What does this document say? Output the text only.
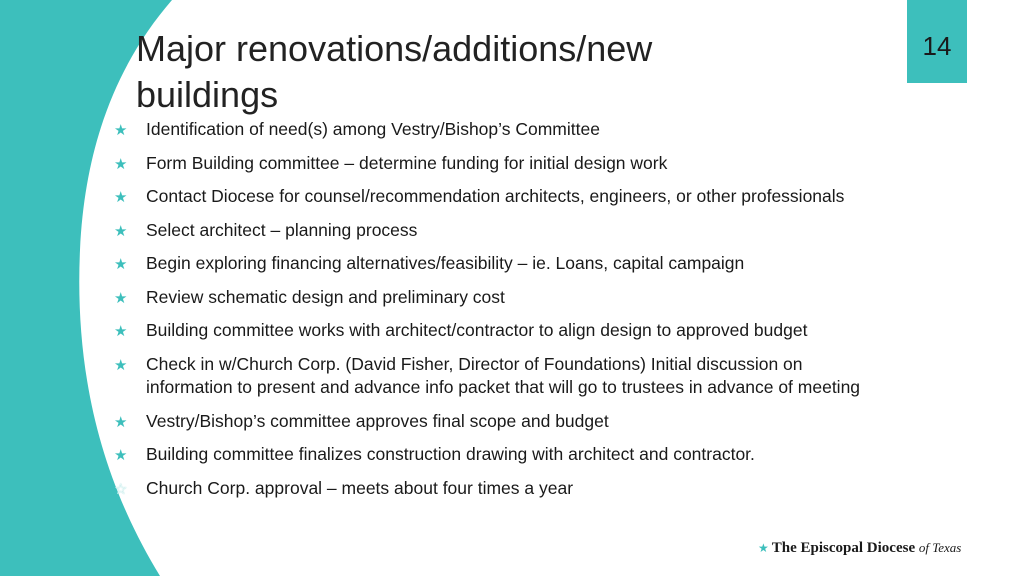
14
Major renovations/additions/new buildings
★ Identification of need(s) among Vestry/Bishop’s Committee
★ Form Building committee – determine funding for initial design work
★ Contact Diocese for counsel/recommendation architects, engineers, or other professionals
★ Select architect – planning process
★ Begin exploring financing alternatives/feasibility – ie. Loans, capital campaign
★ Review schematic design and preliminary cost
★ Building committee works with architect/contractor to align design to approved budget
★ Check in w/Church Corp. (David Fisher, Director of Foundations) Initial discussion on information to present and advance info packet that will go to trustees in advance of meeting
★ Vestry/Bishop’s committee approves final scope and budget
★ Building committee finalizes construction drawing with architect and contractor.
☆ Church Corp. approval – meets about four times a year
★ The Episcopal Diocese of Texas
